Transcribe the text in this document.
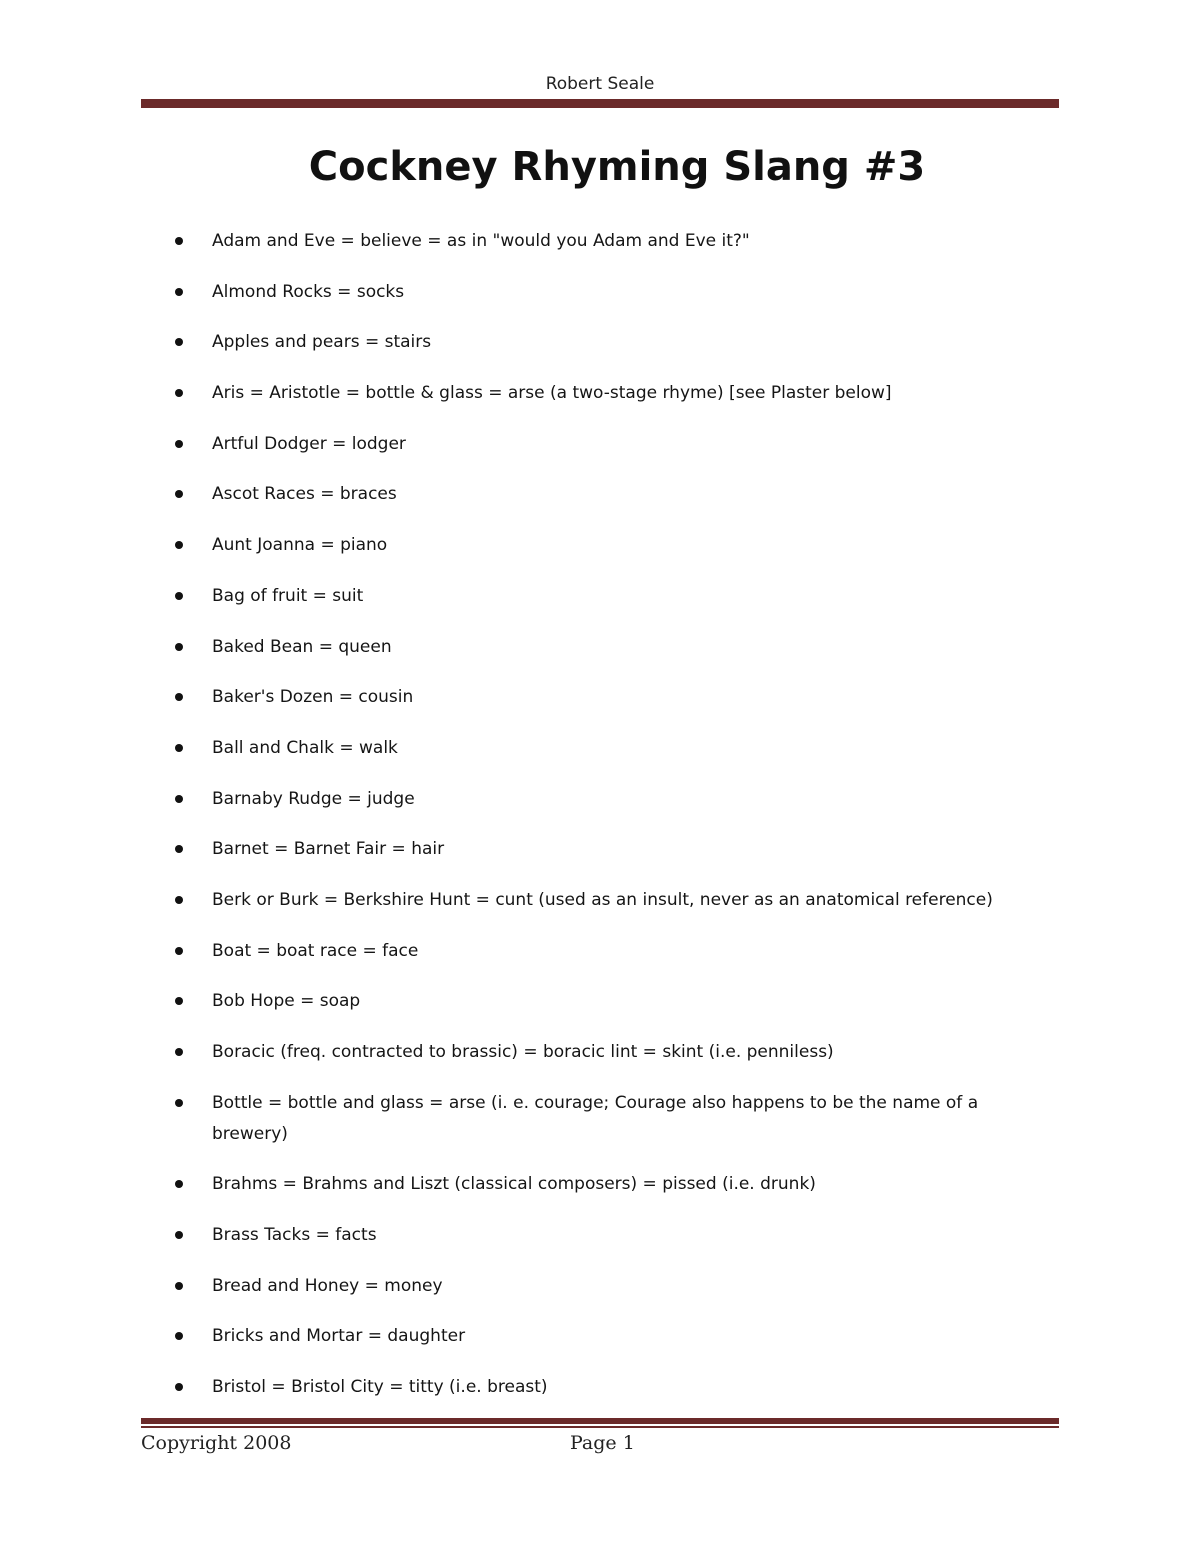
Robert Seale
Cockney Rhyming Slang #3
Adam and Eve = believe = as in "would you Adam and Eve it?"
Almond Rocks = socks
Apples and pears = stairs
Aris = Aristotle = bottle & glass = arse (a two-stage rhyme) [see Plaster below]
Artful Dodger = lodger
Ascot Races = braces
Aunt Joanna = piano
Bag of fruit = suit
Baked Bean = queen
Baker's Dozen = cousin
Ball and Chalk = walk
Barnaby Rudge = judge
Barnet = Barnet Fair = hair
Berk or Burk = Berkshire Hunt = cunt (used as an insult, never as an anatomical reference)
Boat = boat race = face
Bob Hope = soap
Boracic (freq. contracted to brassic) = boracic lint = skint (i.e. penniless)
Bottle = bottle and glass = arse (i. e. courage; Courage also happens to be the name of a brewery)
Brahms = Brahms and Liszt (classical composers) = pissed (i.e. drunk)
Brass Tacks = facts
Bread and Honey = money
Bricks and Mortar = daughter
Bristol = Bristol City = titty (i.e. breast)
Copyright 2008	Page 1
